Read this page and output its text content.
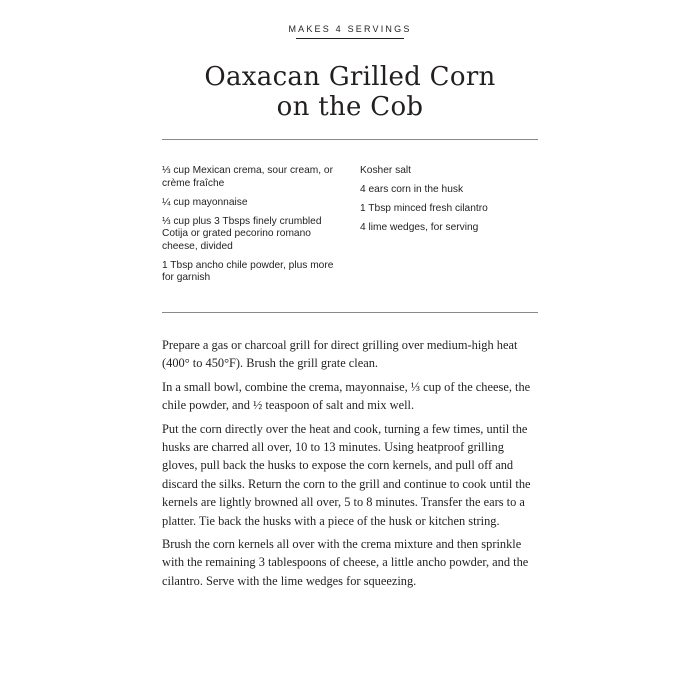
MAKES 4 SERVINGS
Oaxacan Grilled Corn
on the Cob
⅓ cup Mexican crema, sour cream, or crème fraîche
¼ cup mayonnaise
⅓ cup plus 3 Tbsps finely crumbled Cotija or grated pecorino romano cheese, divided
1 Tbsp ancho chile powder, plus more for garnish
Kosher salt
4 ears corn in the husk
1 Tbsp minced fresh cilantro
4 lime wedges, for serving

Prepare a gas or charcoal grill for direct grilling over medium-high heat (400° to 450°F). Brush the grill grate clean.

In a small bowl, combine the crema, mayonnaise, ⅓ cup of the cheese, the chile powder, and ½ teaspoon of salt and mix well.

Put the corn directly over the heat and cook, turning a few times, until the husks are charred all over, 10 to 13 minutes. Using heatproof grilling gloves, pull back the husks to expose the corn kernels, and pull off and discard the silks. Return the corn to the grill and continue to cook until the kernels are lightly browned all over, 5 to 8 minutes. Transfer the ears to a platter. Tie back the husks with a piece of the husk or kitchen string.

Brush the corn kernels all over with the crema mixture and then sprinkle with the remaining 3 tablespoons of cheese, a little ancho powder, and the cilantro. Serve with the lime wedges for squeezing.
